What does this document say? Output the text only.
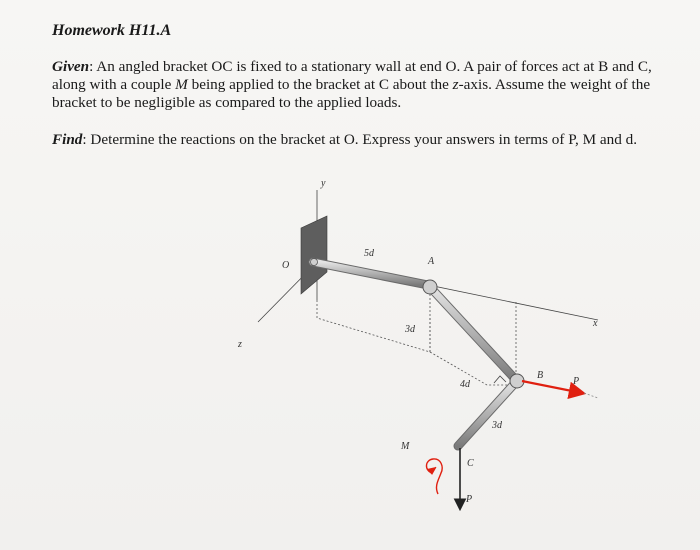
Homework H11.A
Given: An angled bracket OC is fixed to a stationary wall at end O. A pair of forces act at B and C, along with a couple M being applied to the bracket at C about the z-axis. Assume the weight of the bracket to be negligible as compared to the applied loads.
Find: Determine the reactions on the bracket at O. Express your answers in terms of P, M and d.
y
x
z
O	A
B
C
5d
3d
4d
3d
M
P
P
